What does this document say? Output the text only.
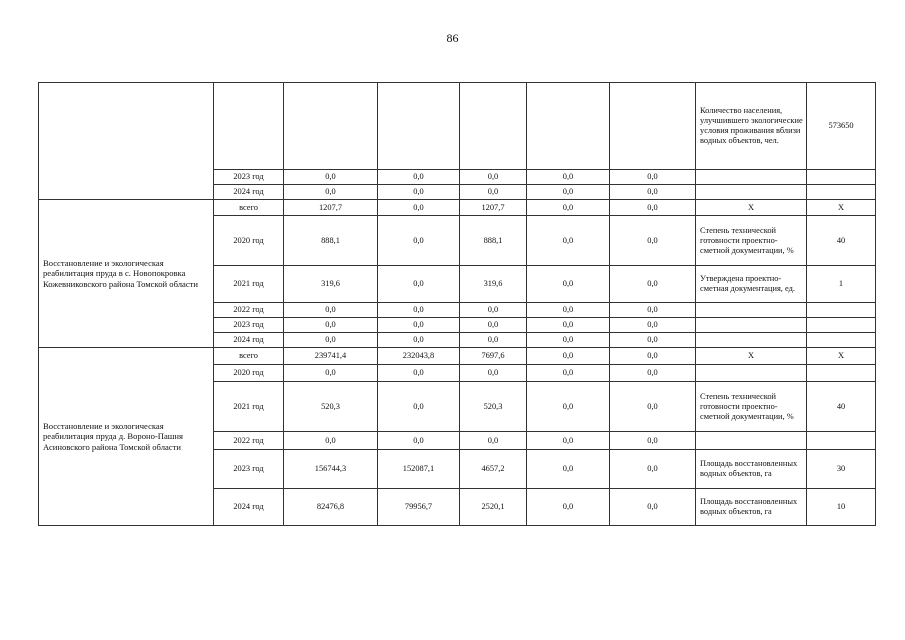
86
							Количество населения, улучшившего экологические условия проживания вблизи водных объектов, чел.	573650
	2023 год	0,0	0,0	0,0	0,0	0,0		
	2024 год	0,0	0,0	0,0	0,0	0,0		
Восстановление и экологическая реабилитация пруда в с. Новопокровка Кожевниковского района Томской области	всего	1207,7	0,0	1207,7	0,0	0,0	X	X
	2020 год	888,1	0,0	888,1	0,0	0,0	Степень технической готовности проектно-сметной документации, %	40
	2021 год	319,6	0,0	319,6	0,0	0,0	Утверждена проектно-сметная документация, ед.	1
	2022 год	0,0	0,0	0,0	0,0	0,0		
	2023 год	0,0	0,0	0,0	0,0	0,0		
	2024 год	0,0	0,0	0,0	0,0	0,0		
Восстановление и экологическая реабилитация пруда д. Вороно-Пашня Асиновского района Томской области	всего	239741,4	232043,8	7697,6	0,0	0,0	X	X
	2020 год	0,0	0,0	0,0	0,0	0,0		
	2021 год	520,3	0,0	520,3	0,0	0,0	Степень технической готовности проектно-сметной документации, %	40
	2022 год	0,0	0,0	0,0	0,0	0,0		
	2023 год	156744,3	152087,1	4657,2	0,0	0,0	Площадь восстановленных водных объектов, га	30
	2024 год	82476,8	79956,7	2520,1	0,0	0,0	Площадь восстановленных водных объектов, га	10
